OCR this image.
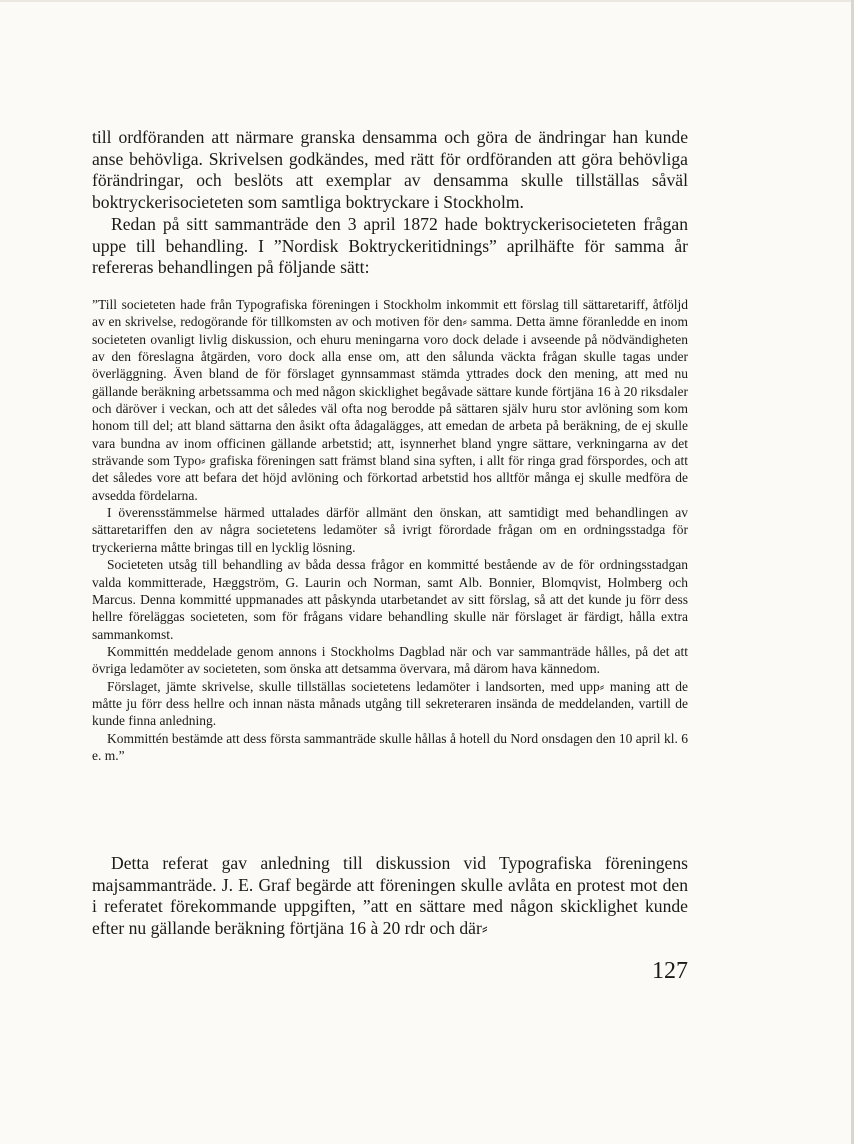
till ordföranden att närmare granska densamma och göra de ändringar han kunde anse behövliga. Skrivelsen godkändes, med rätt för ordföranden att göra behövliga förändringar, och beslöts att exemplar av densamma skulle tillställas såväl boktryckerisocieteten som samtliga boktryckare i Stockholm.

Redan på sitt sammanträde den 3 april 1872 hade boktryckerisocieteten frågan uppe till behandling. I ”Nordisk Boktryckeritidnings” aprilhäfte för samma år refereras behandlingen på följande sätt:

”Till societeten hade från Typografiska föreningen i Stockholm inkommit ett förslag till sättaretariff, åtföljd av en skrivelse, redogörande för tillkomsten av och motiven för den⸗ samma. Detta ämne föranledde en inom societeten ovanligt livlig diskussion, och ehuru meningarna voro dock delade i avseende på nödvändigheten av den föreslagna åtgärden, voro dock alla ense om, att den sålunda väckta frågan skulle tagas under överläggning. Även bland de för förslaget gynnsammast stämda yttrades dock den mening, att med nu gällande beräkning arbetssamma och med någon skicklighet begåvade sättare kunde förtjäna 16 à 20 riksdaler och däröver i veckan, och att det således väl ofta nog berodde på sättaren själv huru stor avlöning som kom honom till del; att bland sättarna den åsikt ofta ådagalägges, att emedan de arbeta på beräkning, de ej skulle vara bundna av inom officinen gällande arbetstid; att, isynnerhet bland yngre sättare, verkningarna av det strävande som Typo⸗ grafiska föreningen satt främst bland sina syften, i allt för ringa grad förspordes, och att det således vore att befara det höjd avlöning och förkortad arbetstid hos alltför många ej skulle medföra de avsedda fördelarna.

I överensstämmelse härmed uttalades därför allmänt den önskan, att samtidigt med behandlingen av sättaretariffen den av några societetens ledamöter så ivrigt förordade frågan om en ordningsstadga för tryckerierna måtte bringas till en lycklig lösning.

Societeten utsåg till behandling av båda dessa frågor en kommitté bestående av de för ordningsstadgan valda kommitterade, Hæggström, G. Laurin och Norman, samt Alb. Bonnier, Blomqvist, Holmberg och Marcus. Denna kommitté uppmanades att påskynda utarbetandet av sitt förslag, så att det kunde ju förr dess hellre föreläggas societeten, som för frågans vidare behandling skulle när förslaget är färdigt, hålla extra sammankomst.

Kommittén meddelade genom annons i Stockholms Dagblad när och var sammanträde hålles, på det att övriga ledamöter av societeten, som önska att detsamma övervara, må därom hava kännedom.

Förslaget, jämte skrivelse, skulle tillställas societetens ledamöter i landsorten, med upp⸗ maning att de måtte ju förr dess hellre och innan nästa månads utgång till sekreteraren insända de meddelanden, vartill de kunde finna anledning.

Kommittén bestämde att dess första sammanträde skulle hållas å hotell du Nord onsdagen den 10 april kl. 6 e. m.”

Detta referat gav anledning till diskussion vid Typografiska föreningens majsammanträde. J. E. Graf begärde att föreningen skulle avlåta en protest mot den i referatet förekommande uppgiften, ”att en sättare med någon skicklighet kunde efter nu gällande beräkning förtjäna 16 à 20 rdr och där⸗

127
